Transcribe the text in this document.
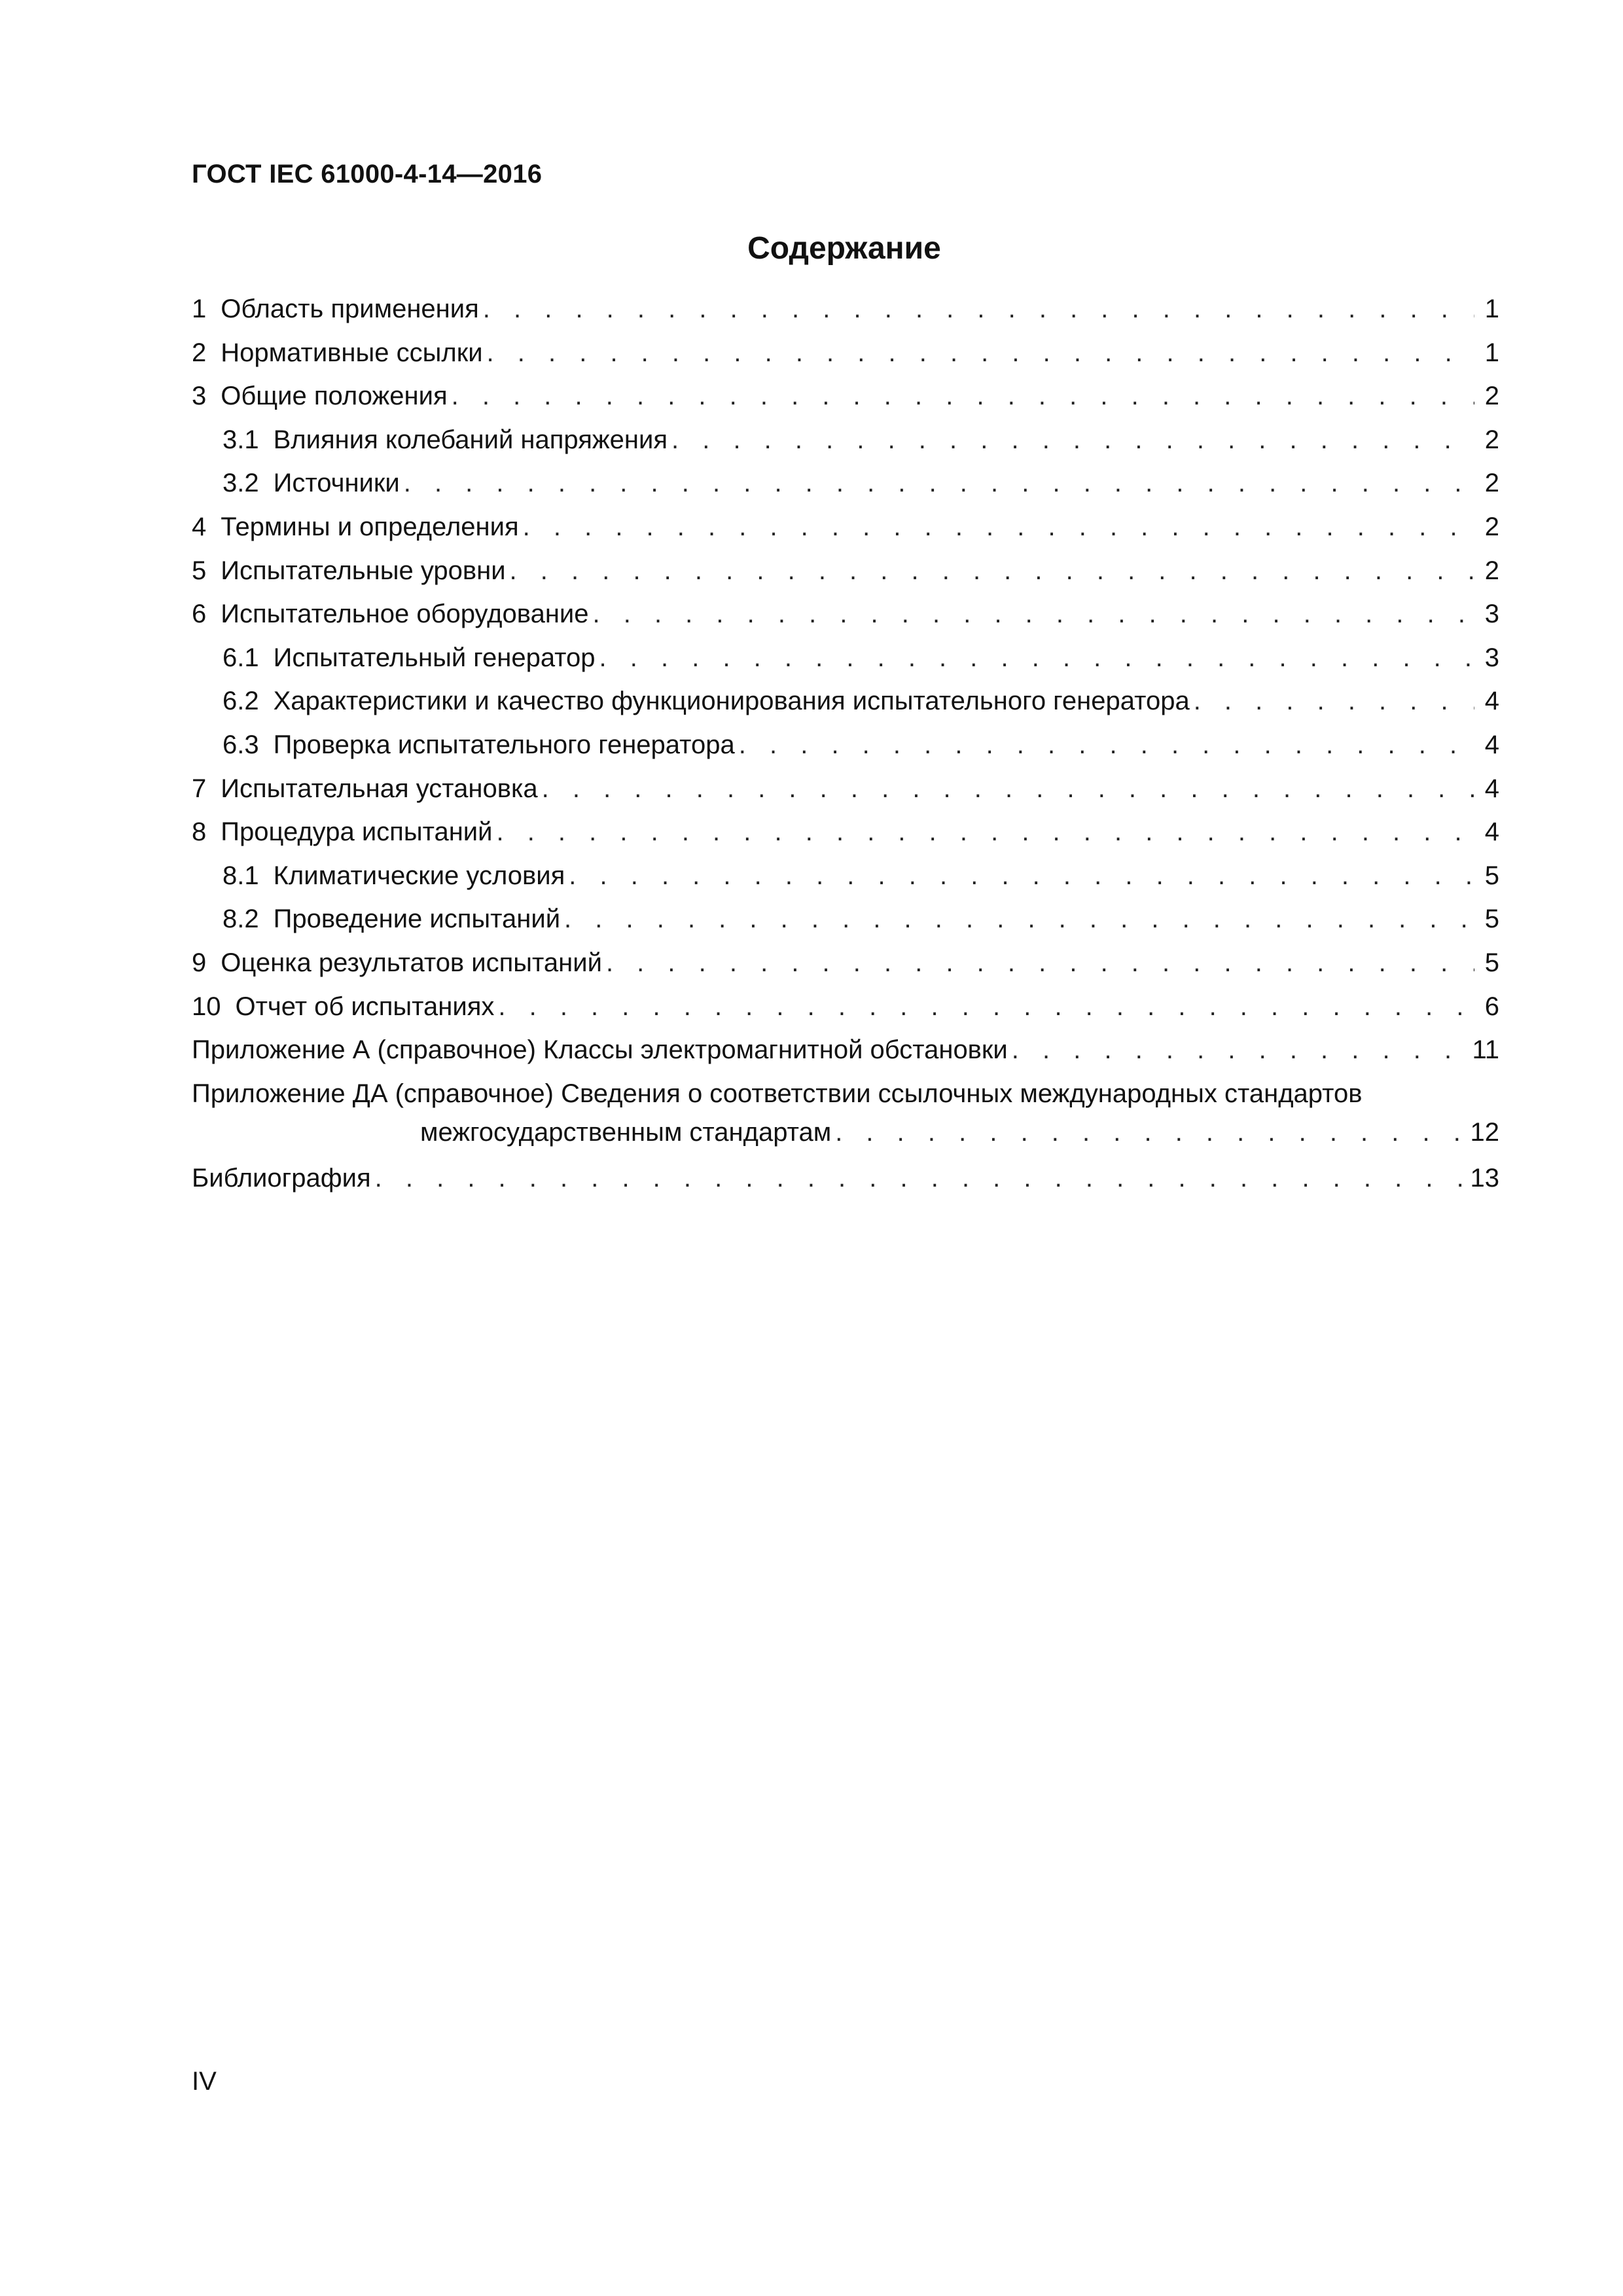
ГОСТ IEC 61000-4-14—2016
Содержание
1 Область применения . . .	1
2 Нормативные ссылки . . .	1
3 Общие положения . . .	2
3.1 Влияния колебаний напряжения . . .	2
3.2 Источники . . .	2
4 Термины и определения . . .	2
5 Испытательные уровни . . .	2
6 Испытательное оборудование . . .	3
6.1 Испытательный генератор . . .	3
6.2 Характеристики и качество функционирования испытательного генератора . . .	4
6.3 Проверка испытательного генератора . . .	4
7 Испытательная установка . . .	4
8 Процедура испытаний . . .	4
8.1 Климатические условия . . .	5
8.2 Проведение испытаний . . .	5
9 Оценка результатов испытаний . . .	5
10 Отчет об испытаниях . . .	6
Приложение А (справочное) Классы электромагнитной обстановки . . .	11
Приложение ДА (справочное) Сведения о соответствии ссылочных международных стандартов
межгосударственным стандартам . . .	12
Библиография . . .	13
IV
